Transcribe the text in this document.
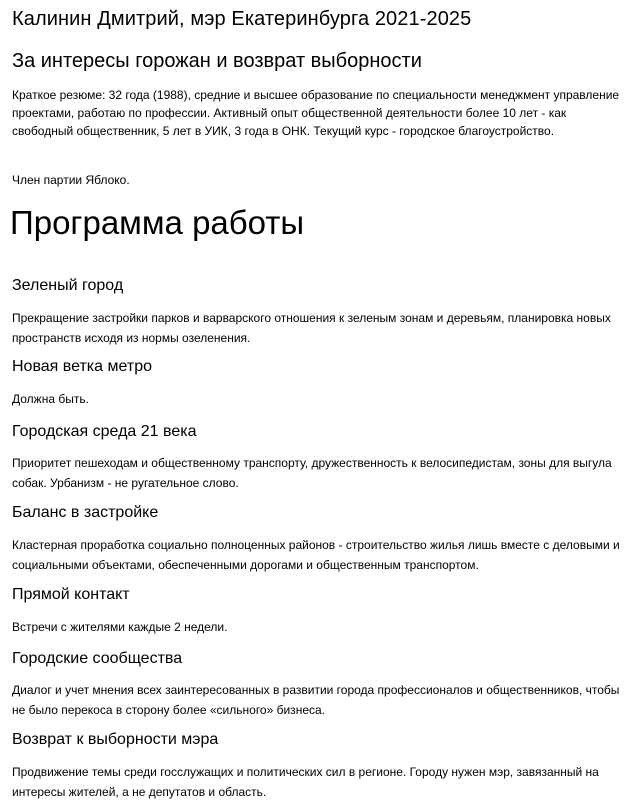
Калинин Дмитрий, мэр Екатеринбурга 2021-2025
За интересы горожан и возврат выборности
Краткое резюме: 32 года (1988), средние и высшее образование по специальности менеджмент управление проектами, работаю по профессии. Активный опыт общественной деятельности более 10 лет - как свободный общественник, 5 лет в УИК, 3 года в ОНК. Текущий курс - городское благоустройство.
Член партии Яблоко.
Программа работы
Зеленый город
Прекращение застройки парков и варварского отношения к зеленым зонам и деревьям, планировка новых пространств исходя из нормы озеленения.
Новая ветка метро
Должна быть.
Городская среда 21 века
Приоритет пешеходам и общественному транспорту, дружественность к велосипедистам, зоны для выгула собак. Урбанизм - не ругательное слово.
Баланс в застройке
Кластерная проработка социально полноценных районов - строительство жилья лишь вместе с деловыми и социальными объектами, обеспеченными дорогами и общественным транспортом.
Прямой контакт
Встречи с жителями каждые 2 недели.
Городские сообщества
Диалог и учет мнения всех заинтересованных в развитии города профессионалов и общественников, чтобы не было перекоса в сторону более «сильного» бизнеса.
Возврат к выборности мэра
Продвижение темы среди госслужащих и политических сил в регионе. Городу нужен мэр, завязанный на интересы жителей, а не депутатов и область.
